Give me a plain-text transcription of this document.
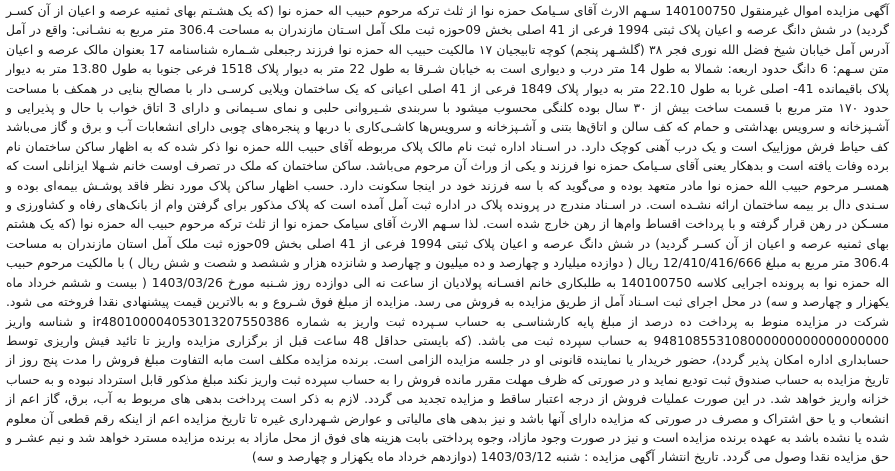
آگهی مزایده اموال غیرمنقول 140100750 سـهم الارث آقای سـیامک حمزه نوا از ثلث ترکه مرحوم حبیب اله حمزه نوا (که یک هشـتم بهای ثمنیه عرصه و اعیان از آن کسـر گردید) در شش دانگ عرصه و اعیان پلاک ثبتی 1994 فرعی از 41 اصلی بخش 09حوزه ثبت ملک آمل اسـتان مازندران به مساحت 306.4 متر مربع به نشـانی: واقع در آمل آدرس آمل خیابان شیخ فضل الله نوری فجر ۳۸ (گلشـهر پنجم) کوچه تابیجیان ۱۷ مالکیت حبیب اله حمزه نوا فرزند رجبعلی شـماره شناسنامه 17 بعنوان مالک عرصه و اعیان متن سـهم: 6 دانگ حدود اربعه: شمالا به طول 14 متر درب و دیواری است به خیابان شـرقا به طول 22 متر به دیوار پلاک 1518 فرعی جنوبا به طول 13.80 متر به دیوار پلاک باقیمانده 41- اصلی غربا به طول 22.10 متر به دیوار پلاک 1849 فرعی از 41 اصلی اعیانی که یک ساختمان ویلایی کرسـی دار با مصالح بنایی در همکف با مساحت حدود ۱۷۰ متر مربع با قسمت ساخت بیش از ۳۰ سال بوده کلنگی محسوب میشود با سربندی شـیروانی حلبی و نمای سـیمانی و دارای 3 اتاق خواب با حال و پذیرایی و آشـپزخانه و سرویس بهداشتی و حمام که کف سالن و اتاق‌ها بتنی و آشـپزخانه و سرویس‌ها کاشـی‌کاری با دربها و پنجره‌های چوبی دارای انشعابات آب و برق و گاز می‌باشد کف حیاط فرش موزاییک است و یک درب آهنی کوچک دارد. در اسـناد اداره ثبت نام مالک پلاک مربوطه آقای حبیب الله حمزه نوا ذکر شده که به اظهار ساکن ساختمان نام برده وفات یافته است و بدهکار یعنی آقای سـیامک حمزه نوا فرزند و یکی از وراث آن مرحوم می‌باشد. ساکن ساختمان که ملک در تصرف اوست خانم شـهلا ایزانلی است که همسـر مرحوم حبیب الله حمزه نوا مادر متعهد بوده و می‌گوید که با سه فرزند خود در اینجا سکونت دارد. حسب اظهار ساکن پلاک مورد نظر فاقد پوشـش بیمه‌ای بوده و سـندی دال بر بیمه ساختمان ارائه نشـده است. در اسـناد مندرج در پرونده پلاک در اداره ثبت آمل آمده است که پلاک مذکور برای گرفتن وام از بانک‌های رفاه و کشاورزی و مسـکن در رهن قرار گرفته و با پرداخت اقساط وام‌ها از رهن خارج شده است. لذا سـهم الارث آقای سیامک حمزه نوا از ثلث ترکه مرحوم حبیب اله حمزه نوا (که یک هشتم بهای ثمنیه عرصه و اعیان از آن کسـر گردید) در شش دانگ عرصه و اعیان پلاک ثبتی 1994 فرعی از 41 اصلی بخش 09حوزه ثبت ملک آمل استان مازندران به مساحت 306.4 متر مربع به مبلغ 12/410/416/666 ریال ( دوازده میلیارد و چهارصد و ده میلیون و چهارصد و شانزده هزار و ششصد و شصت و شش ریال ) با مالکیت مرحوم حبیب اله حمزه نوا به پرونده اجرایی کلاسه 140100750 به طلبکاری خانم افسـانه پولادیان از ساعت نه الی دوازده روز شـنبه مورخ 1403/03/26 ( بیست و ششم خرداد ماه یکهزار و چهارصد و سه) در محل اجرای ثبت اسـناد آمل از طریق مزایده به فروش می رسد. مزایده از مبلغ فوق شـروع و به بالاترین قیمت پیشنهادی نقدا فروخته می شود. شرکت در مزایده منوط به پرداخت ده درصد از مبلغ پایه کارشناسـی به حساب سـپرده ثبت واریز به شماره ir480100004053013207550386 و شناسه واریز 948108553108000000000000000000 به حساب سپرده ثبت می باشد. (که بایستی حداقل 48 ساعت قبل از برگزاری مزایده واریز تا تائید فیش واریزی توسط حسابداری اداره امکان پذیر گردد)، حضور خریدار یا نماینده قانونی او در جلسه مزایده الزامی است. برنده مزایده مکلف است مابه التفاوت مبلغ فروش را مدت پنج روز از تاریخ مزایده به حساب صندوق ثبت تودیع نماید و در صورتی که ظرف مهلت مقرر مانده فروش را به حساب سپرده ثبت واریز نکند مبلغ مذکور قابل استرداد نبوده و به حساب خزانه واریز خواهد شد. در این صورت عملیات فروش از درجه اعتبار ساقط و مزایده تجدید می گردد. لازم به ذکر است پرداخت بدهی های مربوط به آب، برق، گاز اعم از انشعاب و یا حق اشتراک و مصرف در صورتی که مزایده دارای آنها باشد و نیز بدهی های مالیاتی و عوارض شـهرداری غیره تا تاریخ مزایده اعم از اینکه رقم قطعی آن معلوم شده یا نشده باشد به عهده برنده مزایده است و نیز در صورت وجود مازاد، وجوه پرداختی بابت هزینه های فوق از محل مازاد به برنده مزایده مسترد خواهد شد و نیم عشـر و حق مزایده نقدا وصول می گردد. تاریخ انتشار آگهی مزایده : شنبه 1403/03/12 (دوازدهم خرداد ماه یکهزار و چهارصد و سه)
